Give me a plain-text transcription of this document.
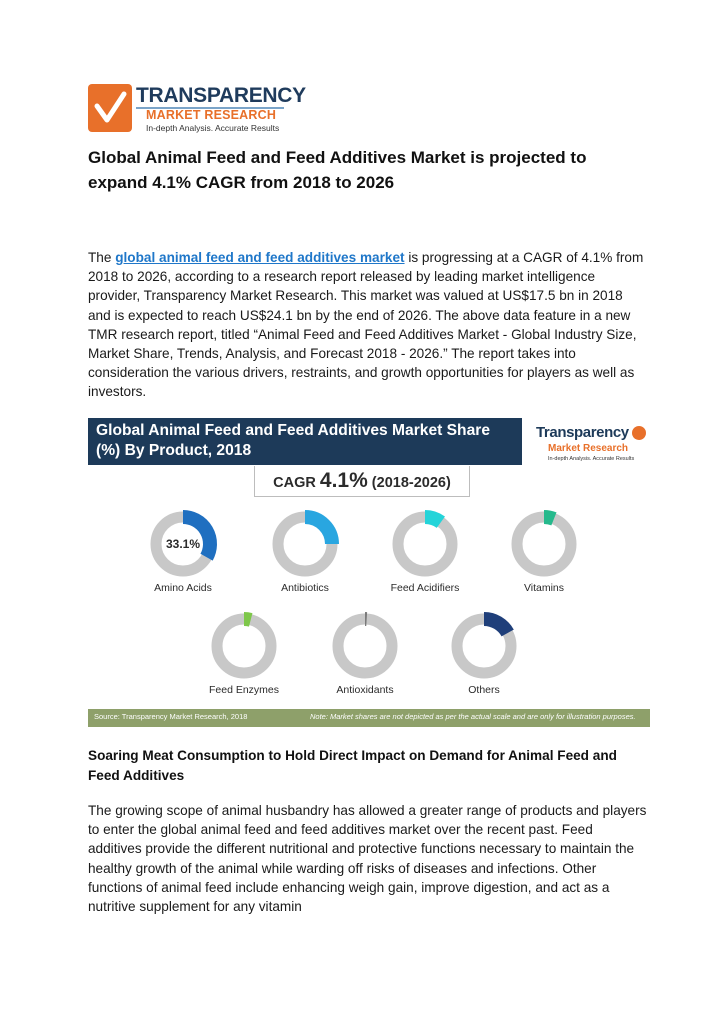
TRANSPARENCY
MARKET RESEARCH
In-depth Analysis. Accurate Results
Global Animal Feed and Feed Additives Market is projected to expand 4.1% CAGR from 2018 to 2026
The global animal feed and feed additives market is progressing at a CAGR of 4.1% from 2018 to 2026, according to a research report released by leading market intelligence provider, Transparency Market Research. This market was valued at US$17.5 bn in 2018 and is expected to reach US$24.1 bn by the end of 2026. The above data feature in a new TMR research report, titled “Animal Feed and Feed Additives Market - Global Industry Size, Market Share, Trends, Analysis, and Forecast 2018 - 2026.” The report takes into consideration the various drivers, restraints, and growth opportunities for players as well as investors.
Global Animal Feed and Feed Additives Market Share (%) By Product, 2018
Transparency
Market Research
In-depth Analysis. Accurate Results
CAGR 4.1% (2018-2026)
33.1%
Amino Acids	Antibiotics	Feed Acidifiers	Vitamins
Feed Enzymes	Antioxidants	Others
Source: Transparency Market Research, 2018	Note: Market shares are not depicted as per the actual scale and are only for illustration purposes.
Soaring Meat Consumption to Hold Direct Impact on Demand for Animal Feed and Feed Additives
The growing scope of animal husbandry has allowed a greater range of products and players to enter the global animal feed and feed additives market over the recent past. Feed additives provide the different nutritional and protective functions necessary to maintain the healthy growth of the animal while warding off risks of diseases and infections. Other functions of animal feed include enhancing weigh gain, improve digestion, and act as a nutritive supplement for any vitamin
